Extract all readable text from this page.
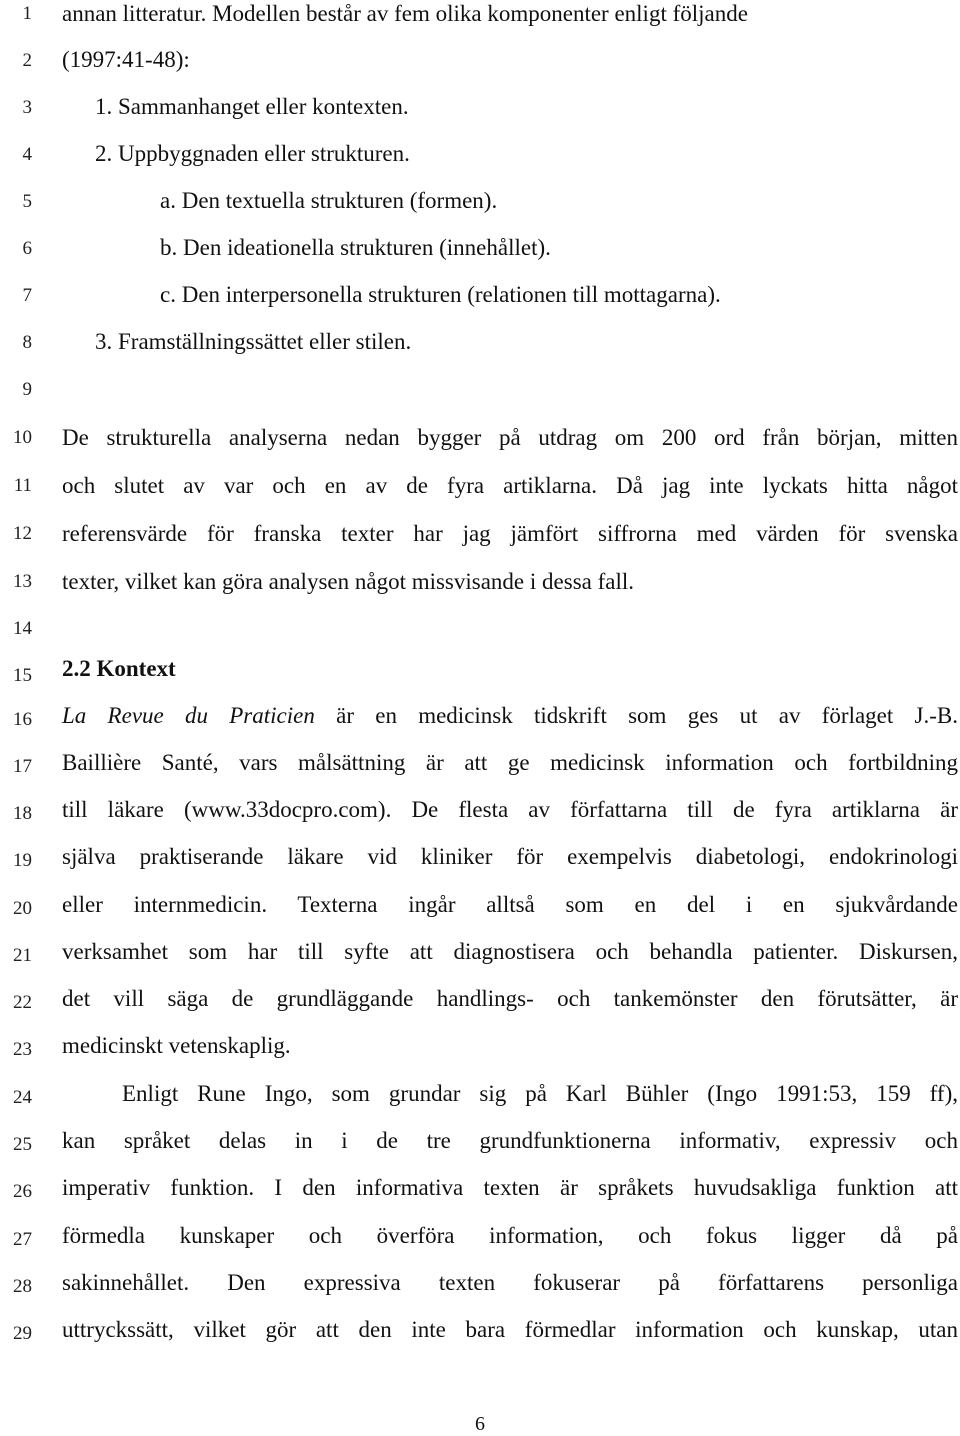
1
2
3
4
5
6
7
8
9
10
11
12
13
14
15
16
17
18
19
20
21
22
23
24
25
26
27
28
29
annan litteratur. Modellen består av fem olika komponenter enligt följande
(1997:41-48):
1. Sammanhanget eller kontexten.
2. Uppbyggnaden eller strukturen.
a. Den textuella strukturen (formen).
b. Den ideationella strukturen (innehållet).
c. Den interpersonella strukturen (relationen till mottagarna).
3. Framställningssättet eller stilen.
De strukturella analyserna nedan bygger på utdrag om 200 ord från början, mitten
och slutet av var och en av de fyra artiklarna. Då jag inte lyckats hitta något
referensvärde för franska texter har jag jämfört siffrorna med värden för svenska
texter, vilket kan göra analysen något missvisande i dessa fall.
2.2 Kontext
La Revue du Praticien är en medicinsk tidskrift som ges ut av förlaget J.-B.
Baillière Santé, vars målsättning är att ge medicinsk information och fortbildning
till läkare (www.33docpro.com). De flesta av författarna till de fyra artiklarna är
själva praktiserande läkare vid kliniker för exempelvis diabetologi, endokrinologi
eller internmedicin. Texterna ingår alltså som en del i en sjukvårdande
verksamhet som har till syfte att diagnostisera och behandla patienter. Diskursen,
det vill säga de grundläggande handlings- och tankemönster den förutsätter, är
medicinskt vetenskaplig.
Enligt Rune Ingo, som grundar sig på Karl Bühler (Ingo 1991:53, 159 ff),
kan språket delas in i de tre grundfunktionerna informativ, expressiv och
imperativ funktion. I den informativa texten är språkets huvudsakliga funktion att
förmedla kunskaper och överföra information, och fokus ligger då på
sakinnehållet. Den expressiva texten fokuserar på författarens personliga
uttryckssätt, vilket gör att den inte bara förmedlar information och kunskap, utan
6
